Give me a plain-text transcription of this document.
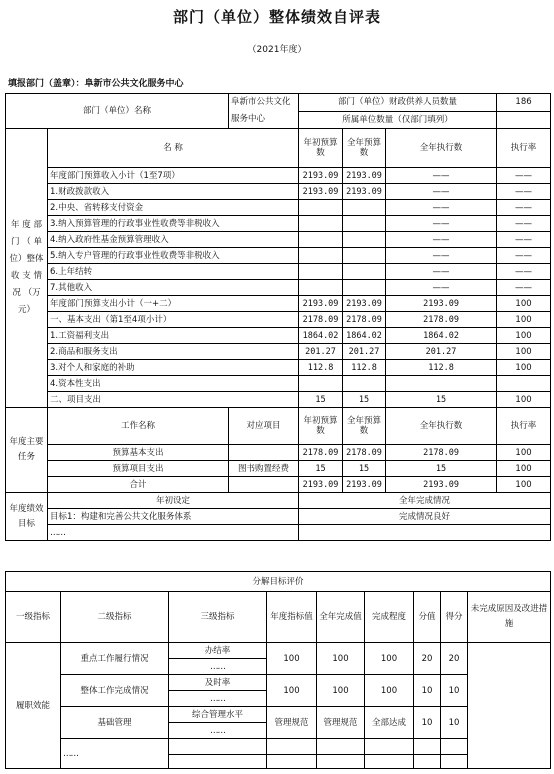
部门（单位）整体绩效自评表
（2021年度）
填报部门（盖章）：阜新市公共文化服务中心
部门（单位）名称		阜新市公共文化服务中心	部门（单位）财政供养人员数量			186
			所属单位数量（仅部门填列）			
年 度 部 门 （ 单 位）整体 收 支 情 况 （万元）	名 称		年初预算数	全年预算数	全年执行数	执行率
	年度部门预算收入小计（1至7项）		2193.09	2193.09	——	——
	1.财政拨款收入		2193.09	2193.09	——	——
	2.中央、省转移支付资金				——	——
	3.纳入预算管理的行政事业性收费等非税收入				——	——
	4.纳入政府性基金预算管理收入				——	——
	5.纳入专户管理的行政事业性收费等非税收入				——	——
	6.上年结转				——	——
	7.其他收入				——	——
	年度部门预算支出小计（一+二）		2193.09	2193.09	2193.09	100
	一、基本支出（第1至4项小计）		2178.09	2178.09	2178.09	100
	1.工资福利支出		1864.02	1864.02	1864.02	100
	2.商品和服务支出		201.27	201.27	201.27	100
	3.对个人和家庭的补助		112.8	112.8	112.8	100
	4.资本性支出					
	二、项目支出		15	15	15	100
年度主要任务	工作名称	对应项目	年初预算数	全年预算数	全年执行数	执行率
	预算基本支出		2178.09	2178.09	2178.09	100
	预算项目支出	图书购置经费	15	15	15	100
	合计		2193.09	2193.09	2193.09	100
年度绩效目标	年初设定		全年完成情况			
	目标1：构建和完善公共文化服务体系		完成情况良好			
	……					
分解目标评价								
一级指标	二级指标	三级指标	年度指标值	全年完成值	完成程度	分值	得分	未完成原因及改进措施
履职效能	重点工作履行情况	办结率	100	100	100	20	20	
		……						
	整体工作完成情况	及时率	100	100	100	10	10	
		……						
	基础管理	综合管理水平	管理规范	管理规范	全部达成	10	10	
		……						
	……							
